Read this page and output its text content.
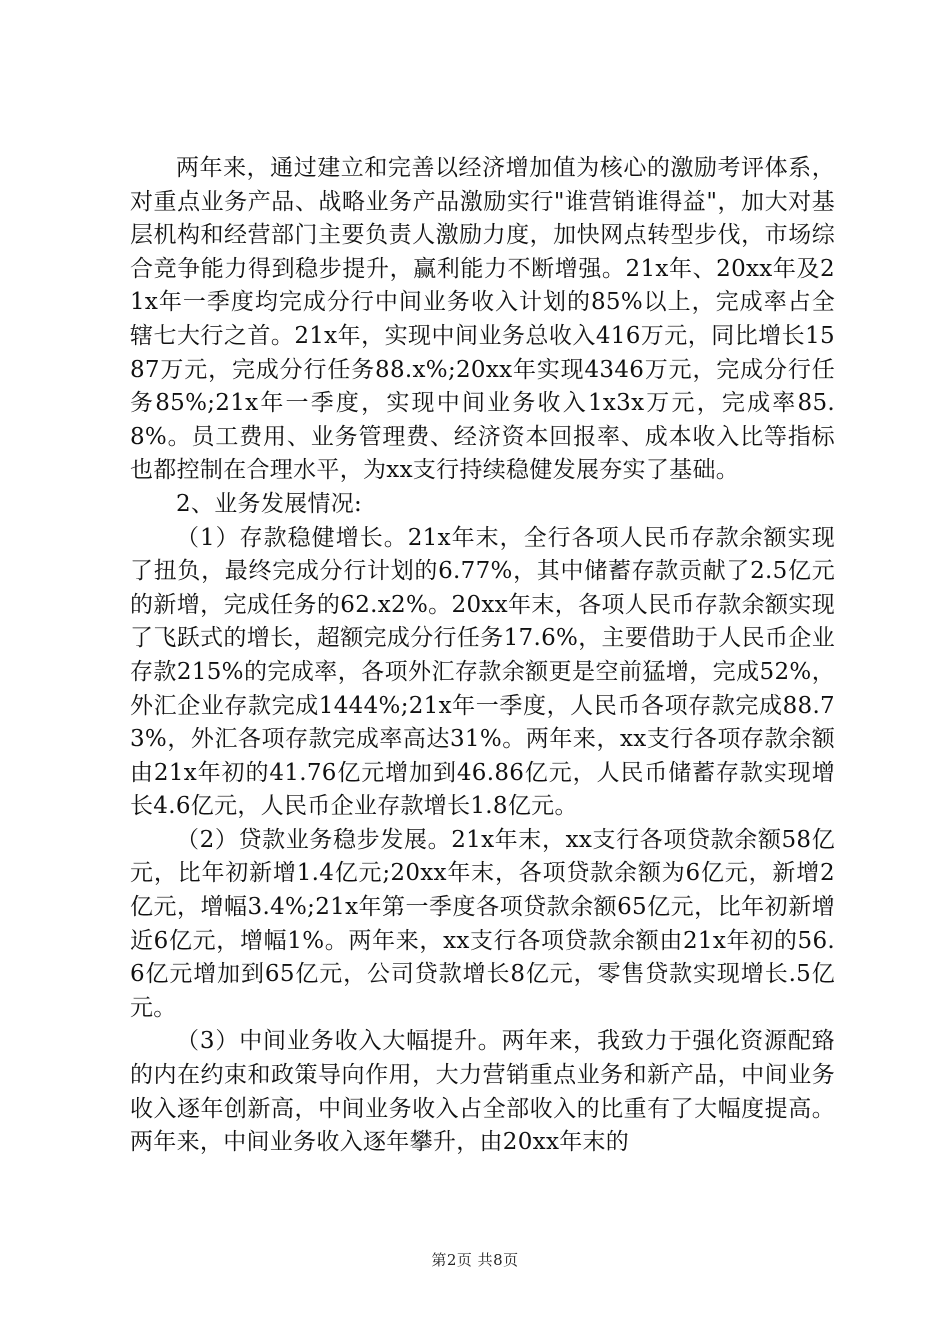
两年来，通过建立和完善以经济增加值为核心的激励考评体系，对重点业务产品、战略业务产品激励实行"谁营销谁得益"，加大对基层机构和经营部门主要负责人激励力度，加快网点转型步伐，市场综合竞争能力得到稳步提升，赢利能力不断增强。21x年、20xx年及21x年一季度均完成分行中间业务收入计划的85%以上，完成率占全辖七大行之首。21x年，实现中间业务总收入416万元，同比增长1587万元，完成分行任务88.x%;20xx年实现4346万元，完成分行任务85%;21x年一季度，实现中间业务收入1x3x万元，完成率85.8%。员工费用、业务管理费、经济资本回报率、成本收入比等指标也都控制在合理水平，为xx支行持续稳健发展夯实了基础。

2、业务发展情况:

（1）存款稳健增长。21x年末，全行各项人民币存款余额实现了扭负，最终完成分行计划的6.77%，其中储蓄存款贡献了2.5亿元的新增，完成任务的62.x2%。20xx年末，各项人民币存款余额实现了飞跃式的增长，超额完成分行任务17.6%，主要借助于人民币企业存款215%的完成率，各项外汇存款余额更是空前猛增，完成52%，外汇企业存款完成1444%;21x年一季度，人民币各项存款完成88.73%，外汇各项存款完成率高达31%。两年来，xx支行各项存款余额由21x年初的41.76亿元增加到46.86亿元，人民币储蓄存款实现增长4.6亿元，人民币企业存款增长1.8亿元。

（2）贷款业务稳步发展。21x年末，xx支行各项贷款余额58亿元，比年初新增1.4亿元;20xx年末，各项贷款余额为6亿元，新增2亿元，增幅3.4%;21x年第一季度各项贷款余额65亿元，比年初新增近6亿元，增幅1%。两年来，xx支行各项贷款余额由21x年初的56.6亿元增加到65亿元，公司贷款增长8亿元，零售贷款实现增长.5亿元。

（3）中间业务收入大幅提升。两年来，我致力于强化资源配臵的内在约束和政策导向作用，大力营销重点业务和新产品，中间业务收入逐年创新高，中间业务收入占全部收入的比重有了大幅度提高。两年来，中间业务收入逐年攀升，由20xx年末的

第2页 共8页
